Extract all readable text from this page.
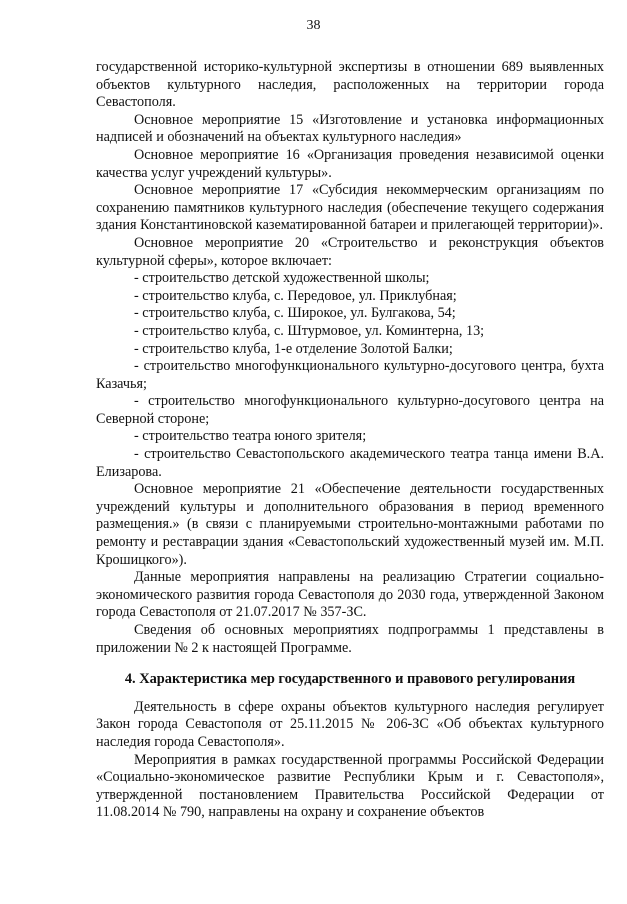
38

государственной историко-культурной экспертизы в отношении 689 выявленных объектов культурного наследия, расположенных на территории города Севастополя.

Основное мероприятие 15 «Изготовление и установка информационных надписей и обозначений на объектах культурного наследия»

Основное мероприятие 16 «Организация проведения независимой оценки качества услуг учреждений культуры».

Основное мероприятие 17 «Субсидия некоммерческим организациям по сохранению памятников культурного наследия (обеспечение текущего содержания здания Константиновской казематированной батареи и прилегающей территории)».

Основное мероприятие 20 «Строительство и реконструкция объектов культурной сферы», которое включает:

- строительство детской художественной школы;

- строительство клуба, с. Передовое, ул. Приклубная;

- строительство клуба, с. Широкое, ул. Булгакова, 54;

- строительство клуба, с. Штурмовое, ул. Коминтерна, 13;

- строительство клуба, 1-е отделение Золотой Балки;

- строительство многофункционального культурно-досугового центра, бухта Казачья;

- строительство многофункционального культурно-досугового центра на Северной стороне;

- строительство театра юного зрителя;

- строительство Севастопольского академического театра танца имени В.А. Елизарова.

Основное мероприятие 21 «Обеспечение деятельности государственных учреждений культуры и дополнительного образования в период временного размещения.» (в связи с планируемыми строительно-монтажными работами по ремонту и реставрации здания «Севастопольский художественный музей им. М.П. Крошицкого»).

Данные мероприятия направлены на реализацию Стратегии социально-экономического развития города Севастополя до 2030 года, утвержденной Законом города Севастополя от 21.07.2017 № 357-ЗС.

Сведения об основных мероприятиях подпрограммы 1 представлены в приложении № 2 к настоящей Программе.

4. Характеристика мер государственного и правового регулирования

Деятельность в сфере охраны объектов культурного наследия регулирует Закон города Севастополя от 25.11.2015 № 206-ЗС «Об объектах культурного наследия города Севастополя».

Мероприятия в рамках государственной программы Российской Федерации «Социально-экономическое развитие Республики Крым и г. Севастополя», утвержденной постановлением Правительства Российской Федерации от 11.08.2014 № 790, направлены на охрану и сохранение объектов
